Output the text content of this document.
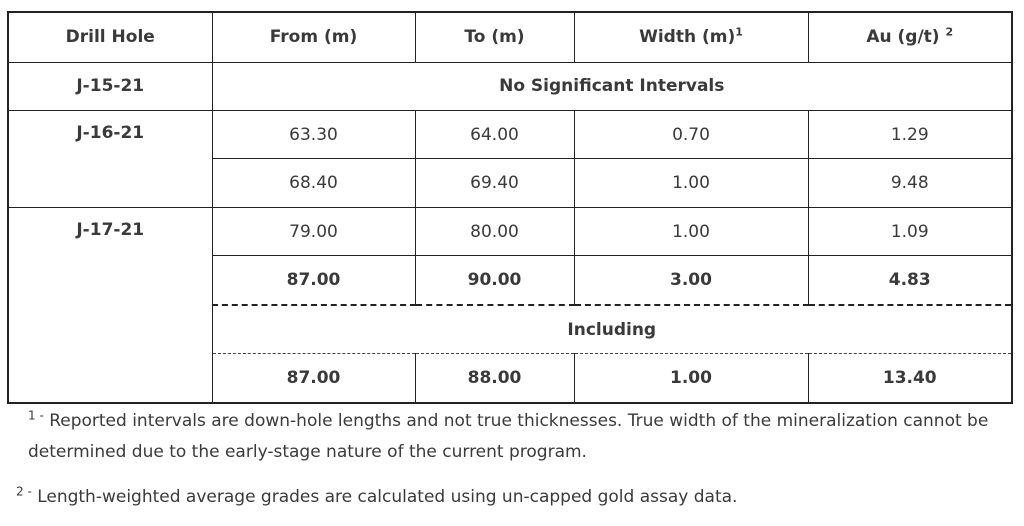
Drill Hole	From (m)	To (m)	Width $(m)^1$	Au (g/t) $^2$
J-15-21	No Significant Intervals			
J-16-21	63.30	64.00	0.70	1.29
	68.40	69.40	1.00	9.48
J-17-21	79.00	80.00	1.00	1.09
	87.00	90.00	3.00	4.83
	Including			
	87.00	88.00	1.00	13.40

$^{1 -}$ Reported intervals are down-hole lengths and not true thicknesses. True width of the mineralization cannot be determined due to the early-stage nature of the current program.

$^{2 -}$ Length-weighted average grades are calculated using un-capped gold assay data.
